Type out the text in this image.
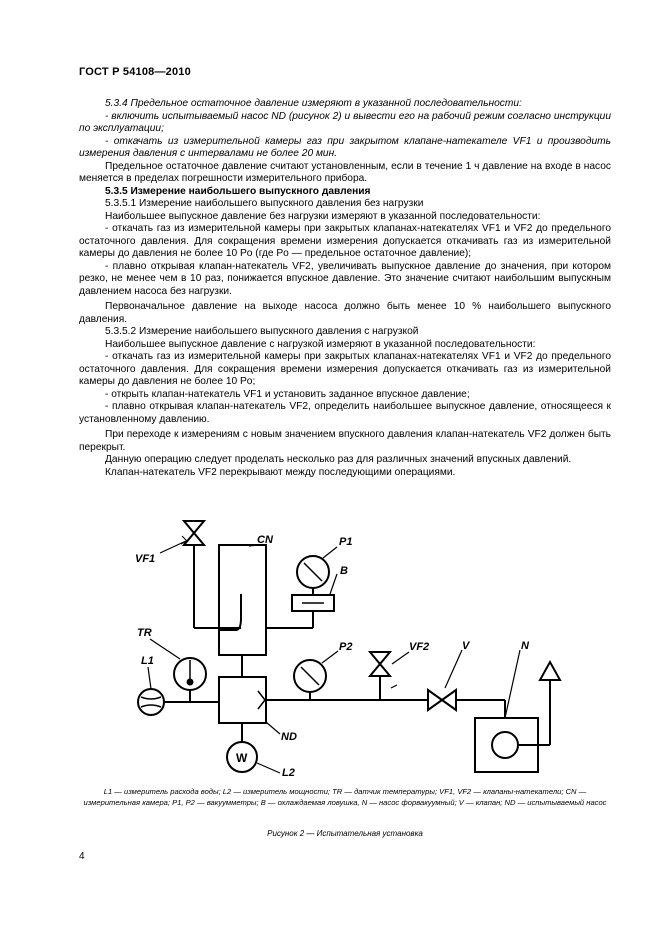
ГОСТ Р 54108—2010

5.3.4 Предельное остаточное давление измеряют в указанной последовательности:

- включить испытываемый насос ND (рисунок 2) и вывести его на рабочий режим согласно инструкции по эксплуатации;

- откачать из измерительной камеры газ при закрытом клапане-натекателе VF1 и производить измерения давления с интервалами не более 20 мин.

Предельное остаточное давление считают установленным, если в течение 1 ч давление на входе в насос меняется в пределах погрешности измерительного прибора.

5.3.5 Измерение наибольшего выпускного давления

5.3.5.1 Измерение наибольшего выпускного давления без нагрузки

Наибольшее выпускное давление без нагрузки измеряют в указанной последовательности:

- откачать газ из измерительной камеры при закрытых клапанах-натекателях VF1 и VF2 до предельного остаточного давления. Для сокращения времени измерения допускается откачивать газ из измерительной камеры до давления не более 10 Pо (где Pо — предельное остаточное давление);

- плавно открывая клапан-натекатель VF2, увеличивать выпускное давление до значения, при котором резко, не менее чем в 10 раз, понижается впускное давление. Это значение считают наибольшим выпускным давлением насоса без нагрузки.

Первоначальное давление на выходе насоса должно быть менее 10 % наибольшего выпускного давления.

5.3.5.2 Измерение наибольшего выпускного давления с нагрузкой

Наибольшее выпускное давление с нагрузкой измеряют в указанной последовательности:

- откачать газ из измерительной камеры при закрытых клапанах-натекателях VF1 и VF2 до предельного остаточного давления. Для сокращения времени измерения допускается откачивать газ из измерительной камеры до давления не более 10 Pо;

- открыть клапан-натекатель VF1 и установить заданное впускное давление;

- плавно открывая клапан-натекатель VF2, определить наибольшее выпускное давление, относящееся к установленному давлению.

При переходе к измерениям с новым значением впускного давления клапан-натекатель VF2 должен быть перекрыт.

Данную операцию следует проделать несколько раз для различных значений впускных давлений.

Клапан-натекатель VF2 перекрывают между последующими операциями.

VF1
CN	P1
B
TR
L1
P2	VF2	V	N
ND
W
L2
L1 — измеритель расхода воды; L2 — измеритель мощности; TR — датчик температуры; VF1, VF2 — клапаны-натекатели; CN — измерительная камера; P1, P2 — вакуумметры; B — охлаждаемая ловушка, N — насос форвакуумный; V — клапан; ND — испытываемый насос
Рисунок 2 — Испытательная установка
4
